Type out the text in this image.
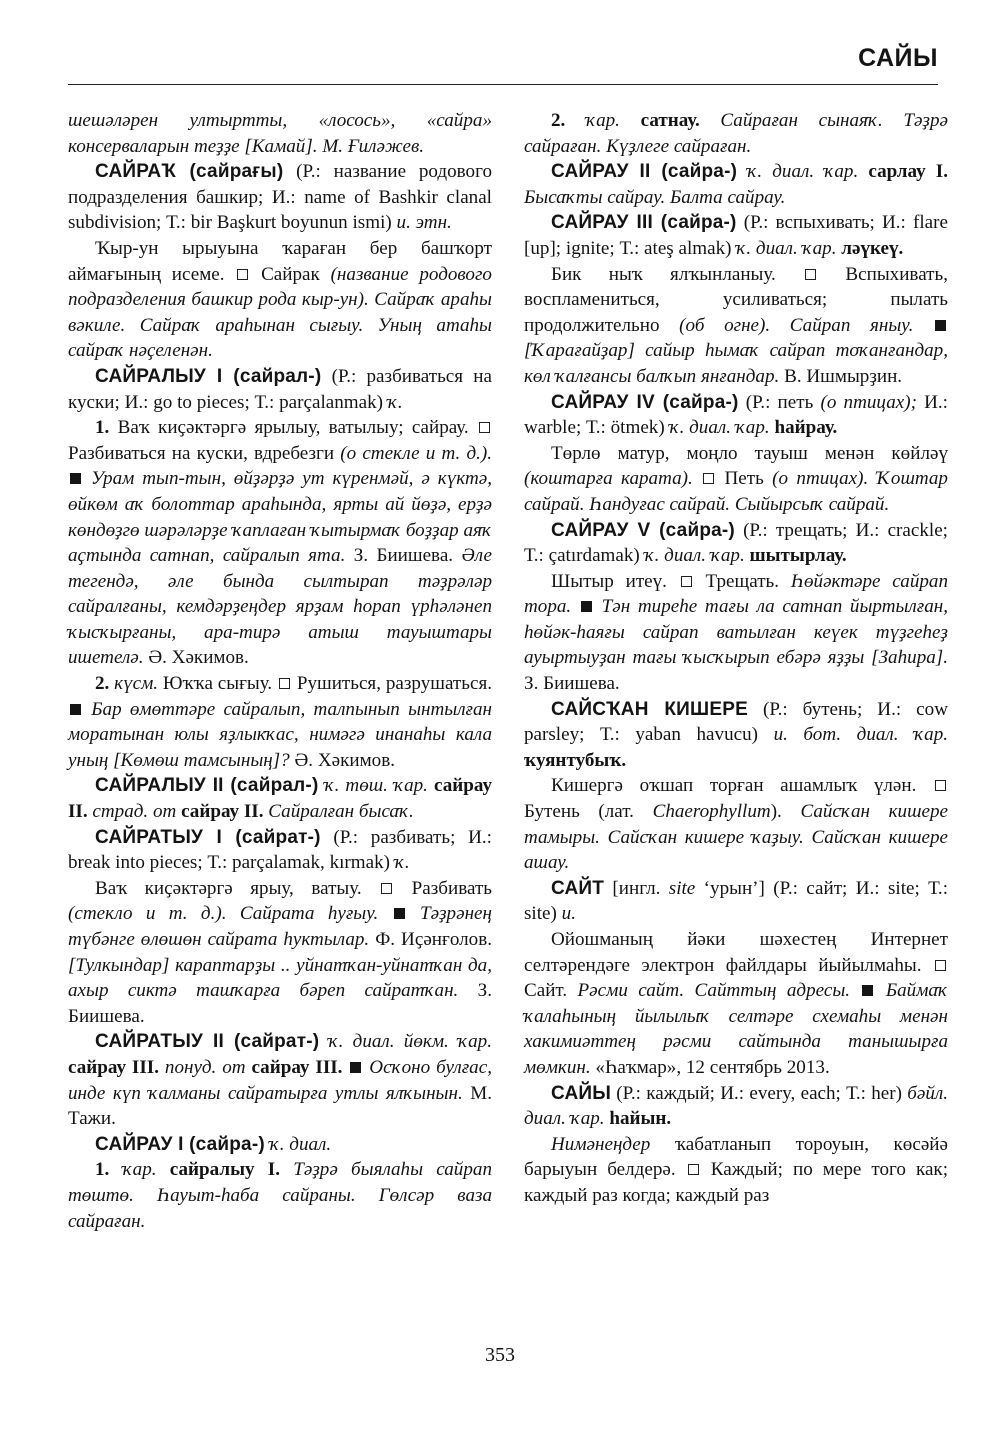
САЙЫ

шешәләрен ултыртты, «лосось», «сайра» консерваларын теҙҙе [Камай]. М. Ғиләжев.

САЙРАҠ (сайрағы) (Р.: название родового подразделения башкир; И.: name of Bashkir clanal subdivision; Т.: bir Başkurt boyunun ismi) и. этн.

Ҡыр-ун ырыуына ҡараған бер башҡорт аймағының исеме.  Сайрак (название родового подразделения башкир рода кыр-ун). Сайраҡ араһы вәкиле. Сайраҡ араһынан сығыу. Уның атаһы сайраҡ нәҫеленән.

САЙРАЛЫУ I (сайрал-) (Р.: разбиваться на куски; И.: go to pieces; Т.: parçalanmak) ҡ.

1. Ваҡ киҫәктәргә ярылыу, ватылыу; сайрау.  Разбиваться на куски, вдребезги (о стекле и т. д.).  Урам тып-тын, өйҙәрҙә ут күренмәй, ә күктә, өйкөм аҡ болоттар араһында, ярты ай йөҙә, ерҙә көндөҙгө шәрәләрҙе ҡаплаған ҡытырмаҡ боҙҙар аяҡ аҫтында сатнап, сайралып ята. З. Биишева. Әле тегендә, әле бында сылтырап тәҙрәләр сайралғаны, кемдәрҙеңдер ярҙам һорап үрһәләнеп ҡысҡырғаны, ара-тирә атыш тауыштары ишетелә. Ә. Хәкимов.

2. күсм. Юҡҡа сығыу.  Рушиться, разрушаться.  Бар өмөттәре сайралып, талпынып ынтылған моратынан юлы яҙлыкҡас, нимәгә инанаһы кала уның [Көмөш тамсының]? Ә. Хәкимов.

САЙРАЛЫУ II (сайрал-) ҡ. төш. ҡар. сайрау II. страд. от сайрау II. Сайралған бысаҡ.

САЙРАТЫУ I (сайрат-) (Р.: разбивать; И.: break into pieces; Т.: parçalamak, kırmak) ҡ.

Ваҡ киҫәктәргә ярыу, ватыу.  Разбивать (стекло и т. д.). Сайрата һуғыу.  Тәҙрәнең түбәнге өлөшөн сайрата һуктылар. Ф. Иҫәнғолов. [Тулкындар] карaптарҙы .. уйнатҡан-уйнатҡан да, ахыр сиктә ташҡарға бәреп сайратҡан. З. Биишева.

САЙРАТЫУ II (сайрат-) ҡ. диал. йөкм. ҡар. сайрау III. понуд. от сайрау III.  Осҡоно булғас, инде күп ҡалманы сайратырға утлы ялҡынын. М. Тажи.

САЙРАУ I (сайра-) ҡ. диал.

1. ҡар. сайралыу I. Тәҙрә быялаһы сайрап төштө. Һауыт-һаба сайраны. Гөлсәр ваза сайраған.

2. ҡар. сатнау. Сайраған сынаяҡ. Тәҙрә сайраған. Күҙлеге сайраған.

САЙРАУ II (сайра-) ҡ. диал. ҡар. сарлау I. Бысаҡты сайрау. Балта сайрау.

САЙРАУ III (сайра-) (Р.: вспыхивать; И.: flare [up]; ignite; Т.: ateş almak) ҡ. диал. ҡар. ләүкеү.

Бик ныҡ ялҡынланыу.  Вспыхивать, воспламениться, усиливаться; пылать продолжительно (об огне). Сайрап яныу.  [Ҡарағайҙар] сайыр һымаҡ сайрап тоҡанғандар, көл ҡалғансы балҡып янғандар. В. Ишмырҙин.

САЙРАУ IV (сайра-) (Р.: петь (о птицах); И.: warble; Т.: ötmek) ҡ. диал. ҡар. һайрау.

Төрлө матур, моңло тауыш менән көйләү (коштарға карата).  Петь (о птицах). Ҡоштар сайрай. Һандуғас сайрай. Сыйырсыҡ сайрай.

САЙРАУ V (сайра-) (Р.: трещать; И.: crackle; Т.: çatırdamak) ҡ. диал. ҡар. шытырлау.

Шытыр итеү.  Трещать. Һөйәктәре сайрап тора.  Тән тиреһе тағы ла сатнап йыртылған, һөйәк-һаяғы сайрап ватылған кеүек түҙгеһеҙ ауыртыуҙан тағы ҡысҡырып ебәрә яҙҙы [Заһира]. З. Биишева.

САЙСҠАН КИШЕРЕ (Р.: бутень; И.: cow parsley; Т.: yaban havucu) и. бот. диал. ҡар. ҡуянтубыҡ.

Кишергә оҡшап торған ашамлыҡ үлән.  Бутень (лат. Chaerophyllum). Сайсҡан кишере тамыры. Сайсҡан кишере ҡаҙыу. Сайсҡан кишере ашау.

САЙТ [ингл. site ‘урын’] (Р.: сайт; И.: site; Т.: site) и.

Ойошманың йәки шәхестең Интернет селтәрендәге электрон файлдары йыйылмаһы.  Сайт. Рәсми сайт. Сайттың адресы.  Баймаҡ ҡалаһының йылылыҡ селтәре схемаһы менән хакимиәттең рәсми сайтында танышырға мөмкин. «Һаҡмар», 12 сентябрь 2013.

САЙЫ (Р.: каждый; И.: every, each; Т.: her) бәйл. диал. ҡар. һайын.

Нимәнеңдер ҡабатланып тороуын, көсәйә барыуын белдерә.  Каждый; по мере того как; каждый раз когда; каждый раз

353
